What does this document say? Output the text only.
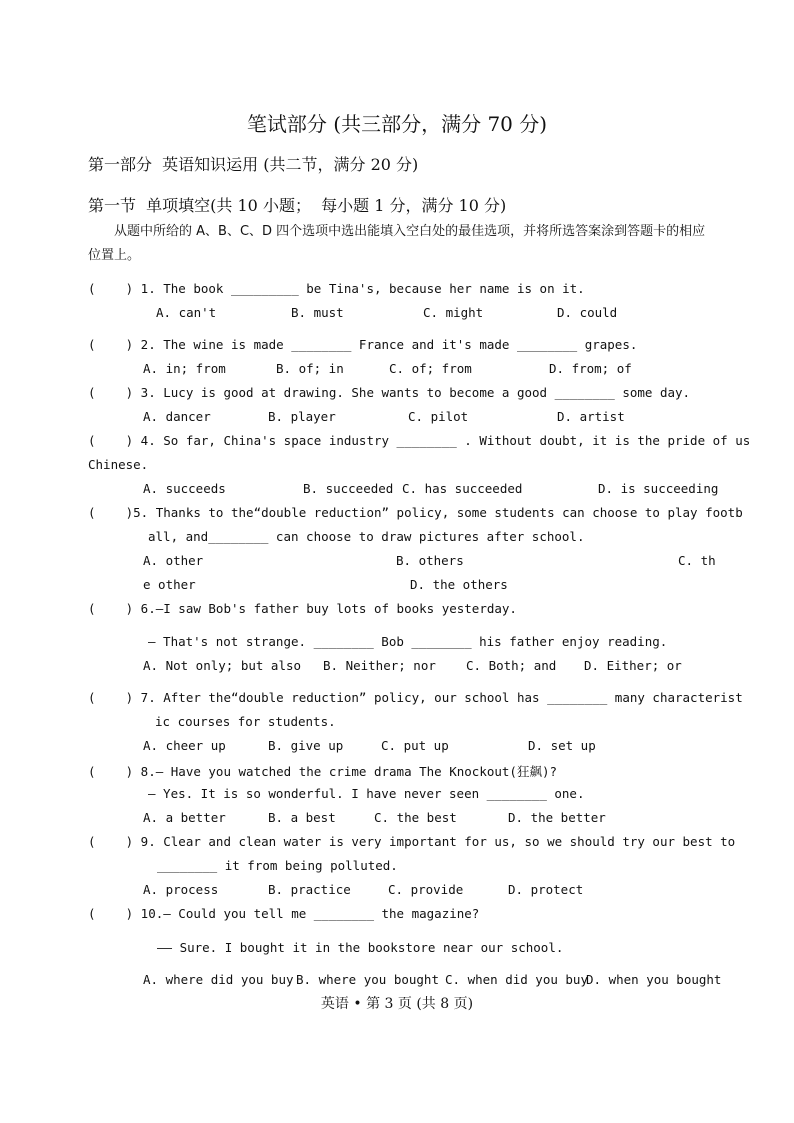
笔试部分 (共三部分，满分 70 分)
第一部分  英语知识运用 (共二节，满分 20 分)
第一节  单项填空(共 10 小题；  每小题 1 分，满分 10 分)
从题中所给的 A、B、C、D 四个选项中选出能填入空白处的最佳选项，并将所选答案涂到答题卡的相应位置上。
(    ) 1. The book _________ be Tina's, because her name is on it.
A. can't	B. must	C. might	D. could
(    ) 2. The wine is made ________ France and it's made ________ grapes.
A. in; from	B. of; in	C. of; from	D. from; of
(    ) 3. Lucy is good at drawing. She wants to become a good ________ some day.
A. dancer	B. player	C. pilot	D. artist
(    ) 4. So far, China's space industry ________ . Without doubt, it is the pride of us
Chinese.
A. succeeds	B. succeeded C. has succeeded	D. is succeeding
(    )5. Thanks to the“double reduction” policy, some students can choose to play footb
all, and________ can choose to draw pictures after school.
A. other	B. others	C. th
e other	D. the others
(    ) 6.—I saw Bob's father buy lots of books yesterday.
— That's not strange. ________ Bob ________ his father enjoy reading.
A. Not only; but also B. Neither; nor C. Both; and D. Either; or
(    ) 7. After the“double reduction” policy, our school has ________ many characterist
ic courses for students.
A. cheer up	B. give up	C. put up	D. set up
(    ) 8.— Have you watched the crime drama The Knockout(狂飙)?
— Yes. It is so wonderful. I have never seen ________ one.
A. a better	B. a best	C. the best	D. the better
(    ) 9. Clear and clean water is very important for us, so we should try our best to
________ it from being polluted.
A. process	B. practice	C. provide	D. protect
(    ) 10.— Could you tell me ________ the magazine?
—— Sure. I bought it in the bookstore near our school.
A. where did you buy B. where you bought C. when did you buy
D. when you bought
英语 • 第 3 页 (共 8 页)
